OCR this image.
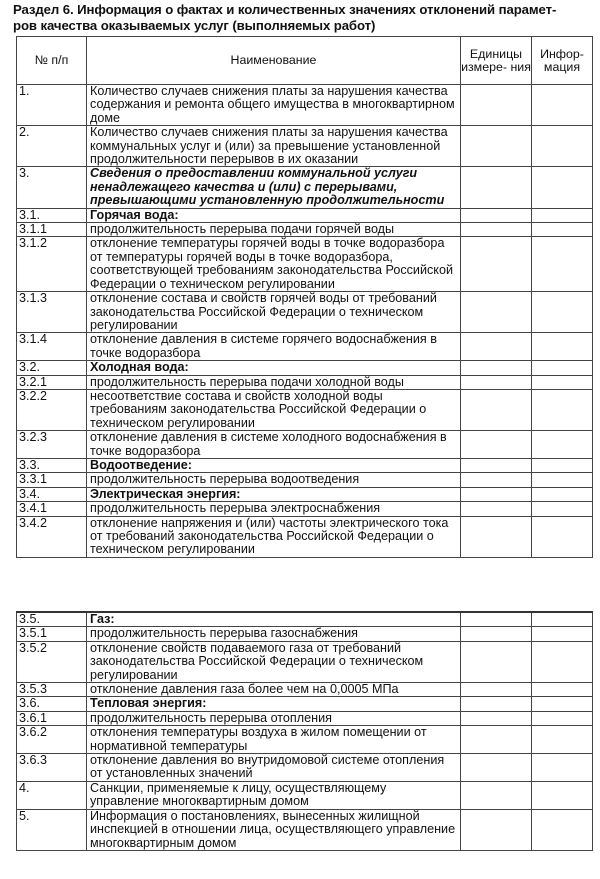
Раздел 6. Информация о фактах и количественных значениях отклонений парамет-
ров качества оказываемых услуг (выполняемых работ)
№ п/п	Наименование	Единицы измере- ния	Инфор- мация
1.	Количество случаев снижения платы за нарушения качества содержания и ремонта общего имущества в многоквартирном доме		
2.	Количество случаев снижения платы за нарушения качества коммунальных услуг и (или) за превышение установленной продолжительности перерывов в их оказании		
3.	Сведения о предоставлении коммунальной услуги ненадлежащего качества и (или) с перерывами, превышающими установленную продолжительности		
3.1.	Горячая вода:		
3.1.1	продолжительность перерыва подачи горячей воды		
3.1.2	отклонение температуры горячей воды в точке водоразбора от температуры горячей воды в точке водоразбора, соответствующей требованиям законодательства Российской Федерации о техническом регулировании		
3.1.3	отклонение состава и свойств горячей воды от требований законодательства Российской Федерации о техническом регулировании		
3.1.4	отклонение давления в системе горячего водоснабжения в точке водоразбора		
3.2.	Холодная вода:		
3.2.1	продолжительность перерыва подачи холодной воды		
3.2.2	несоответствие состава и свойств холодной воды требованиям законодательства Российской Федерации о техническом регулировании		
3.2.3	отклонение давления в системе холодного водоснабжения в точке водоразбора		
3.3.	Водоотведение:		
3.3.1	продолжительность перерыва водоотведения		
3.4.	Электрическая энергия:		
3.4.1	продолжительность перерыва электроснабжения		
3.4.2	отклонение напряжения и (или) частоты электрического тока от требований законодательства Российской Федерации о техническом регулировании		
3.5.	Газ:		
3.5.1	продолжительность перерыва газоснабжения		
3.5.2	отклонение свойств подаваемого газа от требований законодательства Российской Федерации о техническом регулировании		
3.5.3	отклонение давления газа более чем на 0,0005 МПа		
3.6.	Тепловая энергия:		
3.6.1	продолжительность перерыва отопления		
3.6.2	отклонения температуры воздуха в жилом помещении от нормативной температуры		
3.6.3	отклонение давления во внутридомовой системе отопления от установленных значений		
4.	Санкции, применяемые к лицу, осуществляющему управление многоквартирным домом		
5.	Информация о постановлениях, вынесенных жилищной инспекцией в отношении лица, осуществляющего управление многоквартирным домом		
